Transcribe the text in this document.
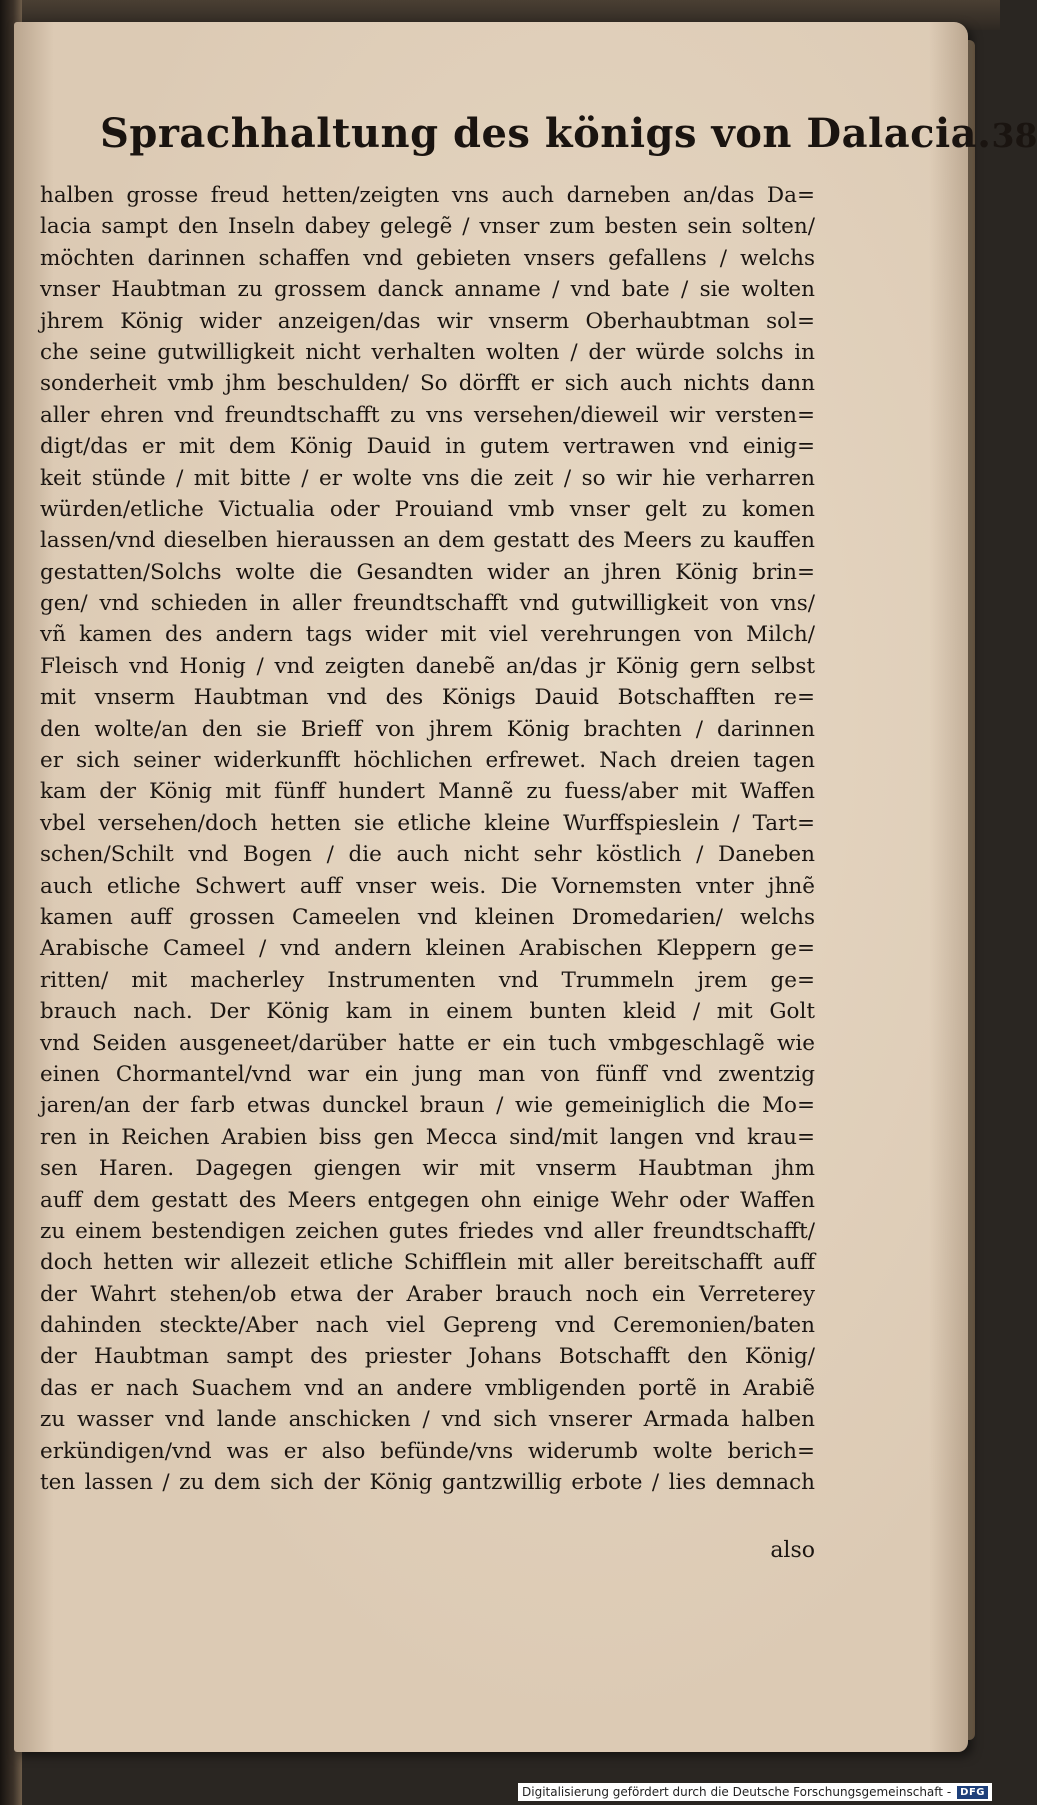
Sprachhaltung des königs von Dalacia. 38
halben grosse freud hetten/zeigten vns auch darneben an/das Da=
lacia sampt den Inseln dabey gelegẽ / vnser zum besten sein solten/
möchten darinnen schaffen vnd gebieten vnsers gefallens / welchs
vnser Haubtman zu grossem danck anname / vnd bate / sie wolten
jhrem König wider anzeigen/das wir vnserm Oberhaubtman sol=
che seine gutwilligkeit nicht verhalten wolten / der würde solchs in
sonderheit vmb jhm beschulden/ So dörfft er sich auch nichts dann
aller ehren vnd freundtschafft zu vns versehen/dieweil wir versten=
digt/das er mit dem König Dauid in gutem vertrawen vnd einig=
keit stünde / mit bitte / er wolte vns die zeit / so wir hie verharren
würden/etliche Victualia oder Prouiand vmb vnser gelt zu komen
lassen/vnd dieselben hieraussen an dem gestatt des Meers zu kauffen
gestatten/Solchs wolte die Gesandten wider an jhren König brin=
gen/ vnd schieden in aller freundtschafft vnd gutwilligkeit von vns/
vñ kamen des andern tags wider mit viel verehrungen von Milch/
Fleisch vnd Honig / vnd zeigten danebẽ an/das jr König gern selbst
mit vnserm Haubtman vnd des Königs Dauid Botschafften re=
den wolte/an den sie Brieff von jhrem König brachten / darinnen
er sich seiner widerkunfft höchlichen erfrewet. Nach dreien tagen
kam der König mit fünff hundert Mannẽ zu fuess/aber mit Waffen
vbel versehen/doch hetten sie etliche kleine Wurffspieslein / Tart=
schen/Schilt vnd Bogen / die auch nicht sehr köstlich / Daneben
auch etliche Schwert auff vnser weis. Die Vornemsten vnter jhnẽ
kamen auff grossen Cameelen vnd kleinen Dromedarien/ welchs
Arabische Cameel / vnd andern kleinen Arabischen Kleppern ge=
ritten/ mit macherley Instrumenten vnd Trummeln jrem ge=
brauch nach. Der König kam in einem bunten kleid / mit Golt
vnd Seiden ausgeneet/darüber hatte er ein tuch vmbgeschlagẽ wie
einen Chormantel/vnd war ein jung man von fünff vnd zwentzig
jaren/an der farb etwas dunckel braun / wie gemeiniglich die Mo=
ren in Reichen Arabien biss gen Mecca sind/mit langen vnd krau=
sen Haren. Dagegen giengen wir mit vnserm Haubtman jhm
auff dem gestatt des Meers entgegen ohn einige Wehr oder Waffen
zu einem bestendigen zeichen gutes friedes vnd aller freundtschafft/
doch hetten wir allezeit etliche Schifflein mit aller bereitschafft auff
der Wahrt stehen/ob etwa der Araber brauch noch ein Verreterey
dahinden steckte/Aber nach viel Gepreng vnd Ceremonien/baten
der Haubtman sampt des priester Johans Botschafft den König/
das er nach Suachem vnd an andere vmbligenden portẽ in Arabiẽ
zu wasser vnd lande anschicken / vnd sich vnserer Armada halben
erkündigen/vnd was er also befünde/vns widerumb wolte berich=
ten lassen / zu dem sich der König gantzwillig erbote / lies demnach
also
Digitalisierung gefördert durch die Deutsche Forschungsgemeinschaft - DFG
